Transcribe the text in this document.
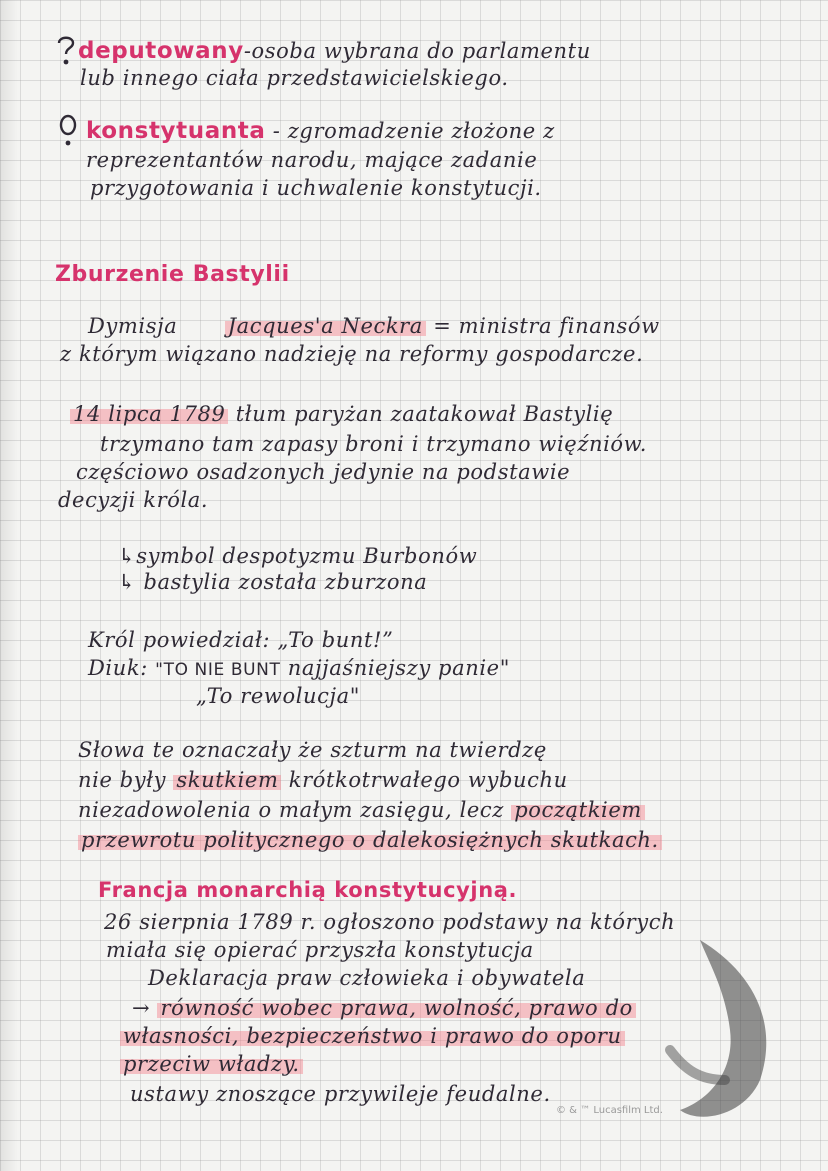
deputowany-osoba wybrana do parlamentu
lub innego ciała przedstawicielskiego.
konstytuanta - zgromadzenie złożone z
reprezentantów narodu, mające zadanie
przygotowania i uchwalenie konstytucji.
Zburzenie Bastylii
Dymisja Jacques'a Neckra = ministra finansów
z którym wiązano nadzieję na reformy gospodarcze.
14 lipca 1789 tłum paryżan zaatakował Bastylię
trzymano tam zapasy broni i trzymano więźniów.
częściowo osadzonych jedynie na podstawie
decyzji króla.
↳symbol despotyzmu Burbonów
↳ bastylia została zburzona
Król powiedział: „To bunt!”
Diuk: "TO NIE BUNT najjaśniejszy panie"
„To rewolucja"
Słowa te oznaczały że szturm na twierdzę
nie były skutkiem krótkotrwałego wybuchu
niezadowolenia o małym zasięgu, lecz początkiem
przewrotu politycznego o dalekosiężnych skutkach.
Francja monarchią konstytucyjną.
26 sierpnia 1789 r. ogłoszono podstawy na których
miała się opierać przyszła konstytucja
Deklaracja praw człowieka i obywatela
→ równość wobec prawa, wolność, prawo do
własności, bezpieczeństwo i prawo do oporu
przeciw władzy.
ustawy znoszące przywileje feudalne.
© & ™ Lucasfilm Ltd.
